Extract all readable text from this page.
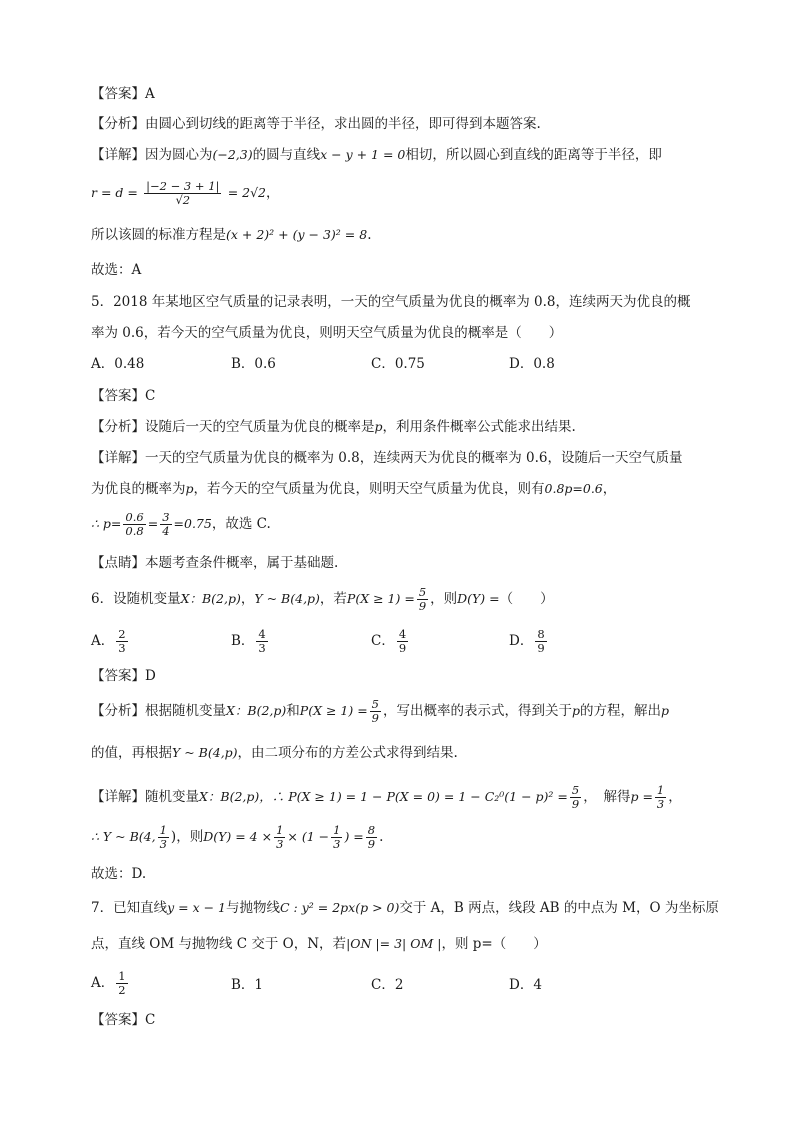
【答案】A
【分析】由圆心到切线的距离等于半径，求出圆的半径，即可得到本题答案.
【详解】因为圆心为(−2,3)的圆与直线x − y + 1 = 0相切，所以圆心到直线的距离等于半径，即
$r = d = \frac{|-2 - 3 + 1|}{√2} = 2√2$，
所以该圆的标准方程是(x + 2)² + (y − 3)² = 8.
故选：A
5．2018 年某地区空气质量的记录表明，一天的空气质量为优良的概率为 0.8，连续两天为优良的概
率为 0.6，若今天的空气质量为优良，则明天空气质量为优良的概率是（　　）
A．0.48	B．0.6	C．0.75	D．0.8
【答案】C
【分析】设随后一天的空气质量为优良的概率是p，利用条件概率公式能求出结果.
【详解】一天的空气质量为优良的概率为 0.8，连续两天为优良的概率为 0.6，设随后一天空气质量
为优良的概率为p，若今天的空气质量为优良，则明天空气质量为优良，则有0.8p=0.6，
∴ $p= \frac{0.6}{0.8} = \frac{3}{4} =0.75$，故选 C.
【点睛】本题考查条件概率，属于基础题.
6．设随机变量X：B(2,p)，Y ~ B(4,p)，若$P(X \ge 1) = \frac{5}{9}$ ，则D(Y) =（　　）
A． $\frac{2}{3}$	B． $\frac{4}{3}$	C． $\frac{4}{9}$	D． $\frac{8}{9}$
【答案】D
【分析】根据随机变量X：B(2,p)和$P(X \ge 1) = \frac{5}{9}$ ，写出概率的表示式，得到关于p的方程，解出p
的值，再根据Y ~ B(4,p)，由二项分布的方差公式求得到结果.
【详解】随机变量X：B(2,p)，∴ $P(X \ge 1) = 1 - P(X = 0) = 1 - C_2^0(1 - p)^2 = \frac{5}{9}$ ，　解得$p = \frac{1}{3}$ ，
∴ Y ~ B(4, $\frac{1}{3}$ )，则$D(Y) = 4 \times \frac{1}{3} \times (1 - \frac{1}{3}$ ) = $\frac{8}{9}$ .
故选：D.
7．已知直线y = x − 1与抛物线C : y² = 2px(p > 0)交于 A，B 两点，线段 AB 的中点为 M，O 为坐标原
点，直线 OM 与抛物线 C 交于 O，N，若|ON |= 3| OM |，则 p=（　　）
A． $\frac{1}{2}$	B．1	C．2	D．4
【答案】C
